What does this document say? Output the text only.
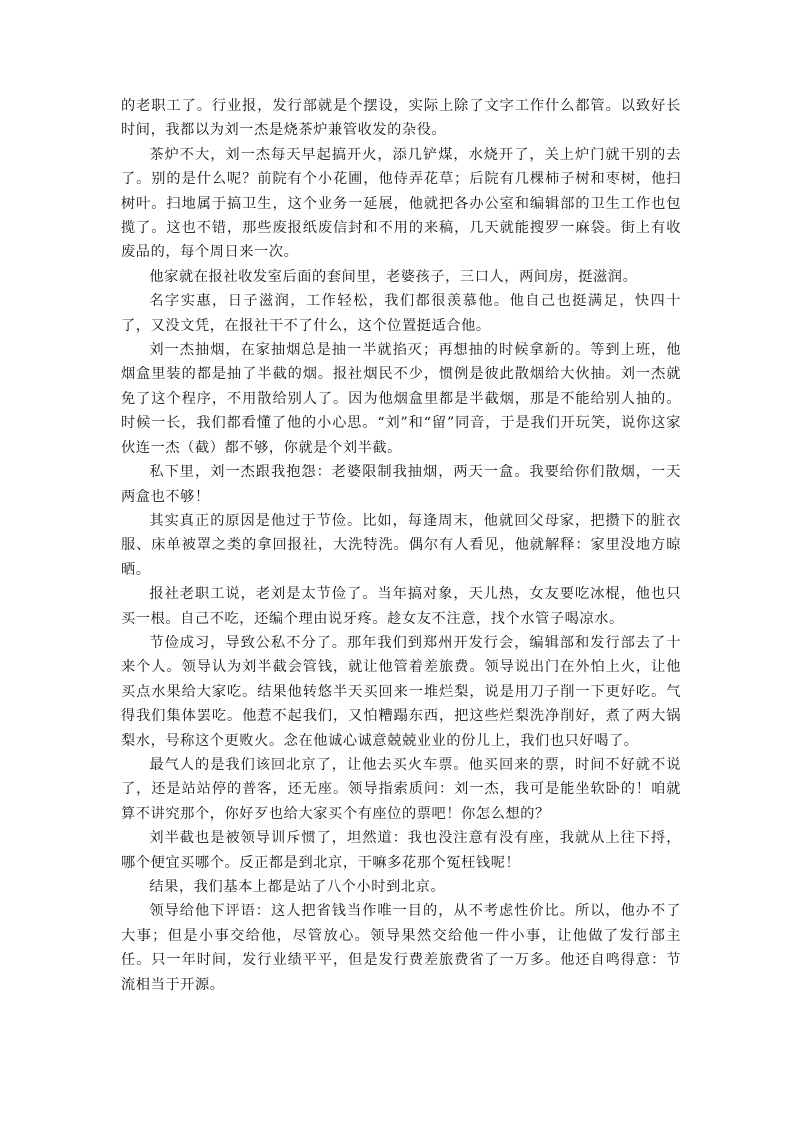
的老职工了。行业报，发行部就是个摆设，实际上除了文字工作什么都管。以致好长时间，我都以为刘一杰是烧茶炉兼管收发的杂役。

茶炉不大，刘一杰每天早起搞开火，添几铲煤，水烧开了，关上炉门就干别的去了。别的是什么呢？前院有个小花圃，他侍弄花草；后院有几棵柿子树和枣树，他扫树叶。扫地属于搞卫生，这个业务一延展，他就把各办公室和编辑部的卫生工作也包揽了。这也不错，那些废报纸废信封和不用的来稿，几天就能搜罗一麻袋。街上有收废品的，每个周日来一次。

他家就在报社收发室后面的套间里，老婆孩子，三口人，两间房，挺滋润。

名字实惠，日子滋润，工作轻松，我们都很羡慕他。他自己也挺满足，快四十了，又没文凭，在报社干不了什么，这个位置挺适合他。

刘一杰抽烟，在家抽烟总是抽一半就掐灭；再想抽的时候拿新的。等到上班，他烟盒里装的都是抽了半截的烟。报社烟民不少，惯例是彼此散烟给大伙抽。刘一杰就免了这个程序，不用散给别人了。因为他烟盒里都是半截烟，那是不能给别人抽的。时候一长，我们都看懂了他的小心思。“刘”和“留”同音，于是我们开玩笑，说你这家伙连一杰（截）都不够，你就是个刘半截。

私下里，刘一杰跟我抱怨：老婆限制我抽烟，两天一盒。我要给你们散烟，一天两盒也不够！

其实真正的原因是他过于节俭。比如，每逢周末，他就回父母家，把攒下的脏衣服、床单被罩之类的拿回报社，大洗特洗。偶尔有人看见，他就解释：家里没地方晾晒。

报社老职工说，老刘是太节俭了。当年搞对象，天儿热，女友要吃冰棍，他也只买一根。自己不吃，还编个理由说牙疼。趁女友不注意，找个水管子喝凉水。

节俭成习，导致公私不分了。那年我们到郑州开发行会，编辑部和发行部去了十来个人。领导认为刘半截会管钱，就让他管着差旅费。领导说出门在外怕上火，让他买点水果给大家吃。结果他转悠半天买回来一堆烂梨，说是用刀子削一下更好吃。气得我们集体罢吃。他惹不起我们，又怕糟蹋东西，把这些烂梨洗净削好，煮了两大锅梨水，号称这个更败火。念在他诚心诚意兢兢业业的份儿上，我们也只好喝了。

最气人的是我们该回北京了，让他去买火车票。他买回来的票，时间不好就不说了，还是站站停的普客，还无座。领导指索质问：刘一杰，我可是能坐软卧的！咱就算不讲究那个，你好歹也给大家买个有座位的票吧！你怎么想的？

刘半截也是被领导训斥惯了，坦然道：我也没注意有没有座，我就从上往下捋，哪个便宜买哪个。反正都是到北京，干嘛多花那个冤枉钱呢！

结果，我们基本上都是站了八个小时到北京。

领导给他下评语：这人把省钱当作唯一目的，从不考虑性价比。所以，他办不了大事；但是小事交给他，尽管放心。领导果然交给他一件小事，让他做了发行部主任。只一年时间，发行业绩平平，但是发行费差旅费省了一万多。他还自鸣得意：节流相当于开源。
